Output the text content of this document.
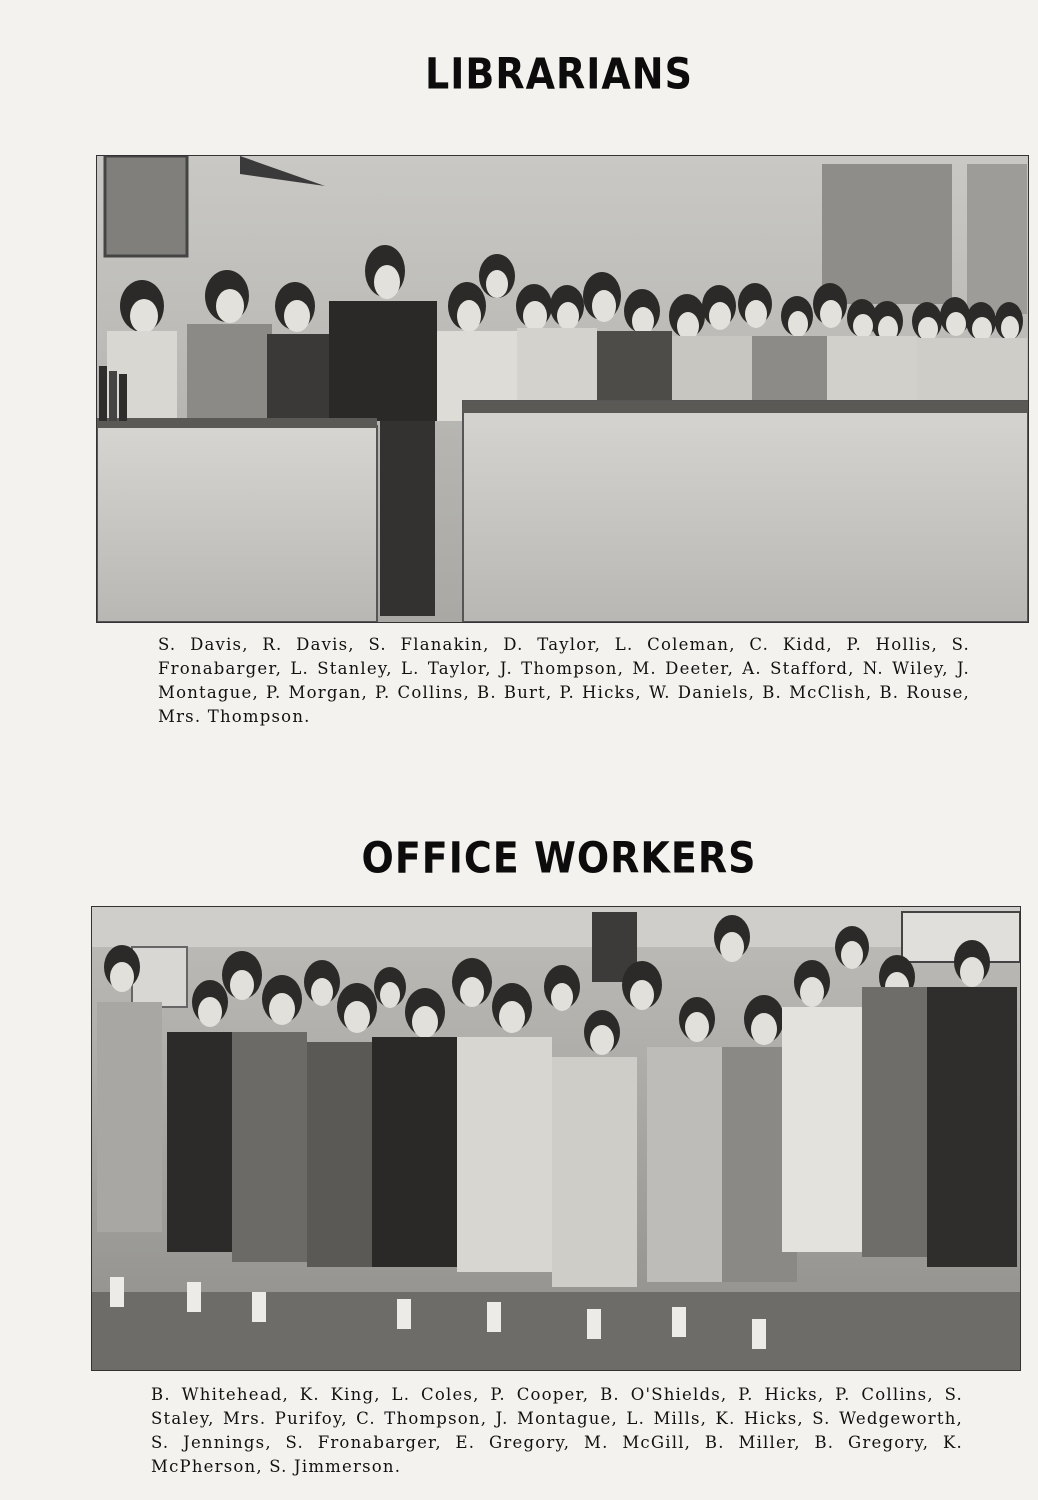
LIBRARIANS
S. Davis, R. Davis, S. Flanakin, D. Taylor, L. Coleman, C. Kidd, P. Hollis, S. Fronabarger, L. Stanley, L. Taylor, J. Thompson, M. Deeter, A. Stafford, N. Wiley, J. Montague, P. Morgan, P. Collins, B. Burt, P. Hicks, W. Daniels, B. McClish, B. Rouse, Mrs. Thompson.
OFFICE WORKERS
B. Whitehead, K. King, L. Coles, P. Cooper, B. O'Shields, P. Hicks, P. Collins, S. Staley, Mrs. Purifoy, C. Thompson, J. Montague, L. Mills, K. Hicks, S. Wedgeworth, S. Jennings, S. Fronabarger, E. Gregory, M. McGill, B. Miller, B. Gregory, K. McPherson, S. Jimmerson.
